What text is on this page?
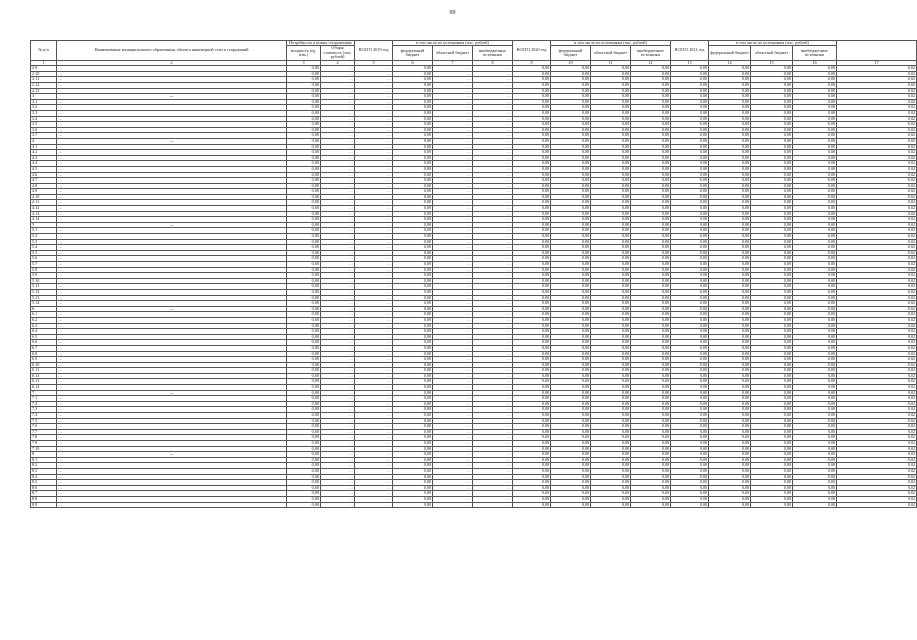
99
№ п/п	Наименование муниципального образования, объекта инженерной сети и сооружений	Потребность в новых сооружениях		ВСЕГО 2019 год	в том числе по источникам (тыс. рублей)			ВСЕГО 2020 год	в том числе по источникам (тыс. рублей)			ВСЕГО 2021 год	в том числе по источникам (тыс. рублей)			
		мощность (ед. изм.)	Общая стоимость (тыс. рублей)		федеральный бюджет	областной бюджет	внебюджетные источники		федеральный бюджет	областной бюджет	внебюджетные источники		федеральный бюджет	областной бюджет	внебюджетные источники	

1	2	3	4	5	6	7	8	9	10	11	12	13	14	15	16	17
2.9	…	0,00	…	…	0,00	…	…	0,00	0,00	0,00	0,00	0,00	0,00	0,00	0,00	0,02
2.10	…	0,00	…	…	0,00	…	…	0,00	0,00	0,00	0,00	0,00	0,00	0,00	0,00	0,02
2.11	…	0,00	…	…	0,00	…	…	0,00	0,00	0,00	0,00	0,00	0,00	0,00	0,00	0,02
2.12	…	0,00	…	…	0,00	…	…	0,00	0,00	0,00	0,00	0,00	0,00	0,00	0,00	0,02
2.13	…	0,00	…	…	0,00	…	…	0,00	0,00	0,00	0,00	0,00	0,00	0,00	0,00	0,02
3	…	0,00	…	…	0,00	…	…	0,00	0,00	0,00	0,00	0,00	0,00	0,00	0,00	0,02
3.1	…	0,00	…	…	0,00	…	…	0,00	0,00	0,00	0,00	0,00	0,00	0,00	0,00	0,02
3.2	…	0,00	…	…	0,00	…	…	0,00	0,00	0,00	0,00	0,00	0,00	0,00	0,00	0,02
3.3	…	0,00	…	…	0,00	…	…	0,00	0,00	0,00	0,00	0,00	0,00	0,00	0,00	0,02
3.4	…	0,00	…	…	0,00	…	…	0,00	0,00	0,00	0,00	0,00	0,00	0,00	0,00	0,02
3.5	…	0,00	…	…	0,00	…	…	0,00	0,00	0,00	0,00	0,00	0,00	0,00	0,00	0,02
3.6	…	0,00	…	…	0,00	…	…	0,00	0,00	0,00	0,00	0,00	0,00	0,00	0,00	0,02
3.7	…	0,00	…	…	0,00	…	…	0,00	0,00	0,00	0,00	0,00	0,00	0,00	0,00	0,02
4	…	0,00	…	…	0,00	…	…	0,00	0,00	0,00	0,00	0,00	0,00	0,00	0,00	0,02
4.1	…	0,00	…	…	0,00	…	…	0,00	0,00	0,00	0,00	0,00	0,00	0,00	0,00	0,02
4.2	…	0,00	…	…	0,00	…	…	0,00	0,00	0,00	0,00	0,00	0,00	0,00	0,00	0,02
4.3	…	0,00	…	…	0,00	…	…	0,00	0,00	0,00	0,00	0,00	0,00	0,00	0,00	0,02
4.4	…	0,00	…	…	0,00	…	…	0,00	0,00	0,00	0,00	0,00	0,00	0,00	0,00	0,02
4.5	…	0,00	…	…	0,00	…	…	0,00	0,00	0,00	0,00	0,00	0,00	0,00	0,00	0,02
4.6	…	0,00	…	…	0,00	…	…	0,00	0,00	0,00	0,00	0,00	0,00	0,00	0,00	0,02
4.7	…	0,00	…	…	0,00	…	…	0,00	0,00	0,00	0,00	0,00	0,00	0,00	0,00	0,02
4.8	…	0,00	…	…	0,00	…	…	0,00	0,00	0,00	0,00	0,00	0,00	0,00	0,00	0,02
4.9	…	0,00	…	…	0,00	…	…	0,00	0,00	0,00	0,00	0,00	0,00	0,00	0,00	0,02
4.10	…	0,00	…	…	0,00	…	…	0,00	0,00	0,00	0,00	0,00	0,00	0,00	0,00	0,02
4.11	…	0,00	…	…	0,00	…	…	0,00	0,00	0,00	0,00	0,00	0,00	0,00	0,00	0,02
4.12	…	0,00	…	…	0,00	…	…	0,00	0,00	0,00	0,00	0,00	0,00	0,00	0,00	0,02
4.13	…	0,00	…	…	0,00	…	…	0,00	0,00	0,00	0,00	0,00	0,00	0,00	0,00	0,02
4.14	…	0,00	…	…	0,00	…	…	0,00	0,00	0,00	0,00	0,00	0,00	0,00	0,00	0,02
5	…	0,00	…	…	0,00	…	…	0,00	0,00	0,00	0,00	0,00	0,00	0,00	0,00	0,02
5.1	…	0,00	…	…	0,00	…	…	0,00	0,00	0,00	0,00	0,00	0,00	0,00	0,00	0,02
5.2	…	0,00	…	…	0,00	…	…	0,00	0,00	0,00	0,00	0,00	0,00	0,00	0,00	0,02
5.3	…	0,00	…	…	0,00	…	…	0,00	0,00	0,00	0,00	0,00	0,00	0,00	0,00	0,02
5.4	…	0,00	…	…	0,00	…	…	0,00	0,00	0,00	0,00	0,00	0,00	0,00	0,00	0,02
5.5	…	0,00	…	…	0,00	…	…	0,00	0,00	0,00	0,00	0,00	0,00	0,00	0,00	0,02
5.6	…	0,00	…	…	0,00	…	…	0,00	0,00	0,00	0,00	0,00	0,00	0,00	0,00	0,02
5.7	…	0,00	…	…	0,00	…	…	0,00	0,00	0,00	0,00	0,00	0,00	0,00	0,00	0,02
5.8	…	0,00	…	…	0,00	…	…	0,00	0,00	0,00	0,00	0,00	0,00	0,00	0,00	0,02
5.9	…	0,00	…	…	0,00	…	…	0,00	0,00	0,00	0,00	0,00	0,00	0,00	0,00	0,02
5.10	…	0,00	…	…	0,00	…	…	0,00	0,00	0,00	0,00	0,00	0,00	0,00	0,00	0,02
5.11	…	0,00	…	…	0,00	…	…	0,00	0,00	0,00	0,00	0,00	0,00	0,00	0,00	0,02
5.12	…	0,00	…	…	0,00	…	…	0,00	0,00	0,00	0,00	0,00	0,00	0,00	0,00	0,02
5.13	…	0,00	…	…	0,00	…	…	0,00	0,00	0,00	0,00	0,00	0,00	0,00	0,00	0,02
5.14	…	0,00	…	…	0,00	…	…	0,00	0,00	0,00	0,00	0,00	0,00	0,00	0,00	0,02
6	…	0,00	…	…	0,00	…	…	0,00	0,00	0,00	0,00	0,00	0,00	0,00	0,00	0,02
6.1	…	0,00	…	…	0,00	…	…	0,00	0,00	0,00	0,00	0,00	0,00	0,00	0,00	0,02
6.2	…	0,00	…	…	0,00	…	…	0,00	0,00	0,00	0,00	0,00	0,00	0,00	0,00	0,02
6.3	…	0,00	…	…	0,00	…	…	0,00	0,00	0,00	0,00	0,00	0,00	0,00	0,00	0,02
6.4	…	0,00	…	…	0,00	…	…	0,00	0,00	0,00	0,00	0,00	0,00	0,00	0,00	0,02
6.5	…	0,00	…	…	0,00	…	…	0,00	0,00	0,00	0,00	0,00	0,00	0,00	0,00	0,02
6.6	…	0,00	…	…	0,00	…	…	0,00	0,00	0,00	0,00	0,00	0,00	0,00	0,00	0,02
6.7	…	0,00	…	…	0,00	…	…	0,00	0,00	0,00	0,00	0,00	0,00	0,00	0,00	0,02
6.8	…	0,00	…	…	0,00	…	…	0,00	0,00	0,00	0,00	0,00	0,00	0,00	0,00	0,02
6.9	…	0,00	…	…	0,00	…	…	0,00	0,00	0,00	0,00	0,00	0,00	0,00	0,00	0,02
6.10	…	0,00	…	…	0,00	…	…	0,00	0,00	0,00	0,00	0,00	0,00	0,00	0,00	0,02
6.11	…	0,00	…	…	0,00	…	…	0,00	0,00	0,00	0,00	0,00	0,00	0,00	0,00	0,02
6.12	…	0,00	…	…	0,00	…	…	0,00	0,00	0,00	0,00	0,00	0,00	0,00	0,00	0,02
6.13	…	0,00	…	…	0,00	…	…	0,00	0,00	0,00	0,00	0,00	0,00	0,00	0,00	0,02
6.14	…	0,00	…	…	0,00	…	…	0,00	0,00	0,00	0,00	0,00	0,00	0,00	0,00	0,02
7	…	0,00	…	…	0,00	…	…	0,00	0,00	0,00	0,00	0,00	0,00	0,00	0,00	0,02
7.1	…	0,00	…	…	0,00	…	…	0,00	0,00	0,00	0,00	0,00	0,00	0,00	0,00	0,02
7.2	…	0,00	…	…	0,00	…	…	0,00	0,00	0,00	0,00	0,00	0,00	0,00	0,00	0,02
7.3	…	0,00	…	…	0,00	…	…	0,00	0,00	0,00	0,00	0,00	0,00	0,00	0,00	0,02
7.4	…	0,00	…	…	0,00	…	…	0,00	0,00	0,00	0,00	0,00	0,00	0,00	0,00	0,02
7.5	…	0,00	…	…	0,00	…	…	0,00	0,00	0,00	0,00	0,00	0,00	0,00	0,00	0,02
7.6	…	0,00	…	…	0,00	…	…	0,00	0,00	0,00	0,00	0,00	0,00	0,00	0,00	0,02
7.7	…	0,00	…	…	0,00	…	…	0,00	0,00	0,00	0,00	0,00	0,00	0,00	0,00	0,02
7.8	…	0,00	…	…	0,00	…	…	0,00	0,00	0,00	0,00	0,00	0,00	0,00	0,00	0,02
7.9	…	0,00	…	…	0,00	…	…	0,00	0,00	0,00	0,00	0,00	0,00	0,00	0,00	0,02
7.10	…	0,00	…	…	0,00	…	…	0,00	0,00	0,00	0,00	0,00	0,00	0,00	0,00	0,02
8	…	0,00	…	…	0,00	…	…	0,00	0,00	0,00	0,00	0,00	0,00	0,00	0,00	0,02
8.1	…	0,00	…	…	0,00	…	…	0,00	0,00	0,00	0,00	0,00	0,00	0,00	0,00	0,02
8.2	…	0,00	…	…	0,00	…	…	0,00	0,00	0,00	0,00	0,00	0,00	0,00	0,00	0,02
8.3	…	0,00	…	…	0,00	…	…	0,00	0,00	0,00	0,00	0,00	0,00	0,00	0,00	0,02
8.4	…	0,00	…	…	0,00	…	…	0,00	0,00	0,00	0,00	0,00	0,00	0,00	0,00	0,02
8.5	…	0,00	…	…	0,00	…	…	0,00	0,00	0,00	0,00	0,00	0,00	0,00	0,00	0,02
8.6	…	0,00	…	…	0,00	…	…	0,00	0,00	0,00	0,00	0,00	0,00	0,00	0,00	0,02
8.7	…	0,00	…	…	0,00	…	…	0,00	0,00	0,00	0,00	0,00	0,00	0,00	0,00	0,02
8.8	…	0,00	…	…	0,00	…	…	0,00	0,00	0,00	0,00	0,00	0,00	0,00	0,00	0,02
8.9	…	0,00	…	…	0,00	…	…	0,00	0,00	0,00	0,00	0,00	0,00	0,00	0,00	0,02
